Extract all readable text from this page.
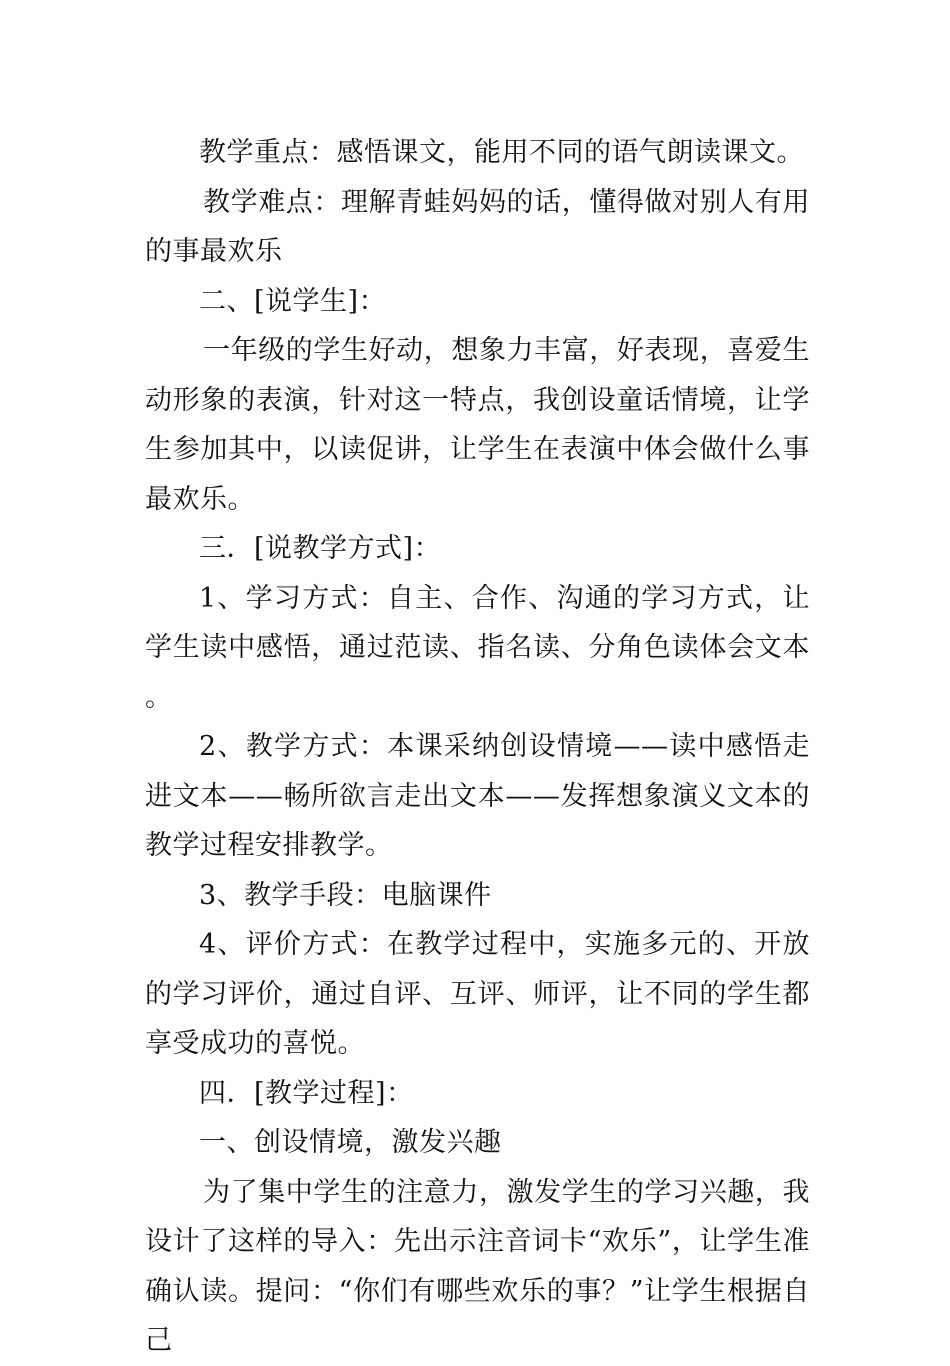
教学重点：感悟课文，能用不同的语气朗读课文。

教学难点：理解青蛙妈妈的话，懂得做对别人有用的事最欢乐

二、[说学生]：

一年级的学生好动，想象力丰富，好表现，喜爱生动形象的表演，针对这一特点，我创设童话情境，让学生参加其中，以读促讲，让学生在表演中体会做什么事最欢乐。

三．[说教学方式]：

1、学习方式：自主、合作、沟通的学习方式，让学生读中感悟，通过范读、指名读、分角色读体会文本。

2、教学方式：本课采纳创设情境——读中感悟走进文本——畅所欲言走出文本——发挥想象演义文本的教学过程安排教学。

3、教学手段：电脑课件

4、评价方式：在教学过程中，实施多元的、开放的学习评价，通过自评、互评、师评，让不同的学生都享受成功的喜悦。

四．[教学过程]：

一、创设情境，激发兴趣

为了集中学生的注意力，激发学生的学习兴趣，我设计了这样的导入：先出示注音词卡“欢乐”，让学生准确认读。提问：“你们有哪些欢乐的事？”让学生根据自己
